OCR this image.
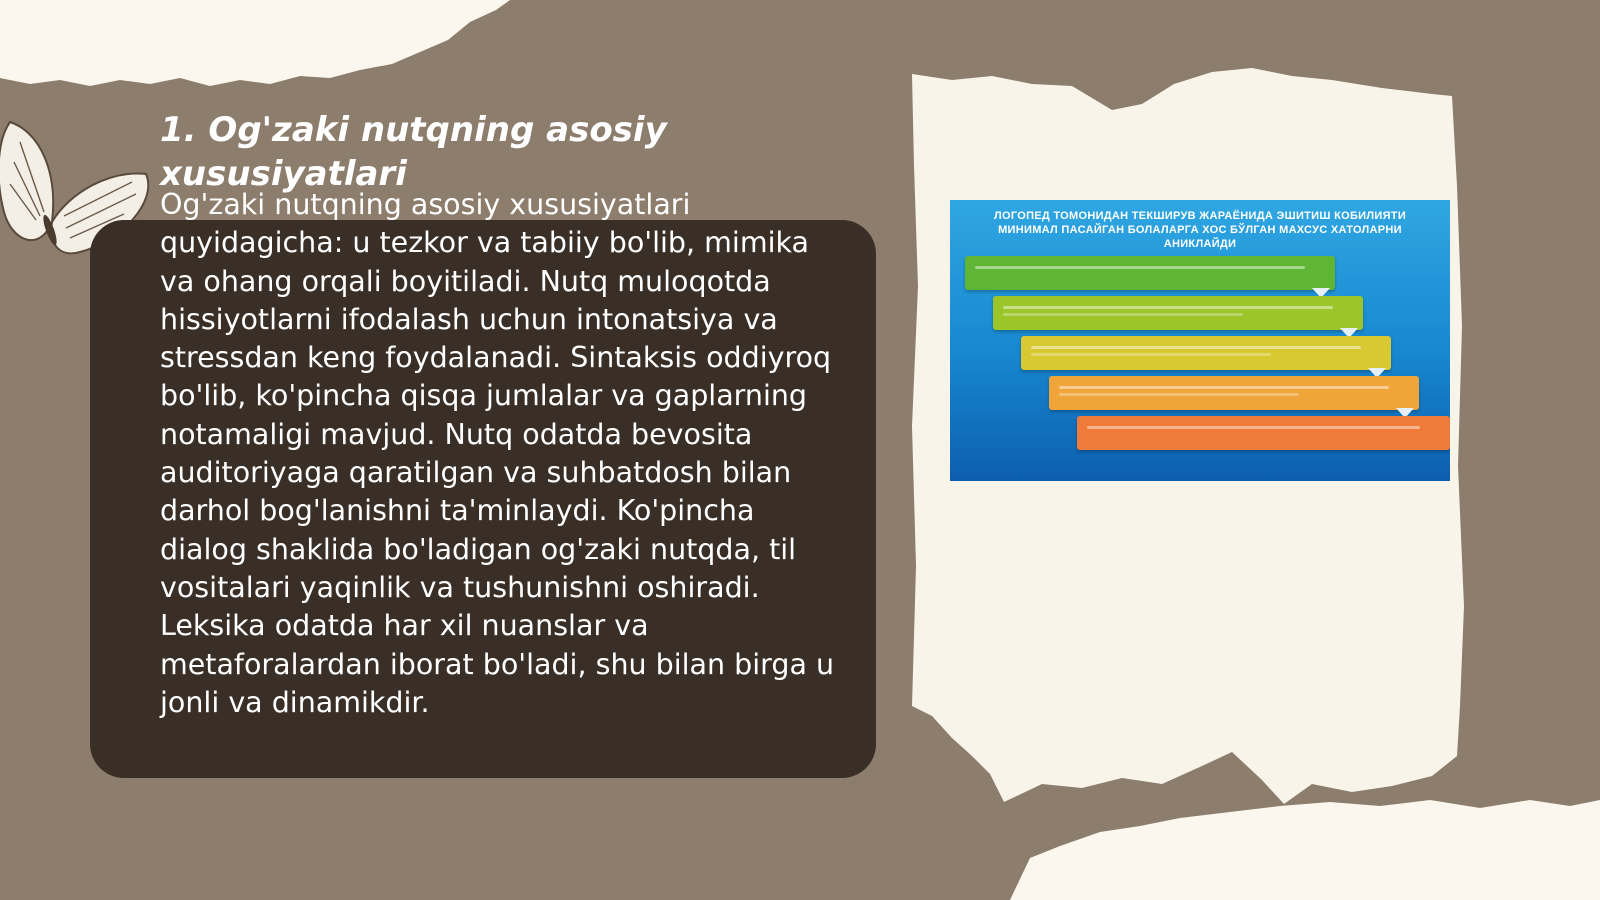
1. Og'zaki nutqning asosiy xususiyatlari

Og'zaki nutqning asosiy xususiyatlari quyidagicha: u tezkor va tabiiy bo'lib, mimika va ohang orqali boyitiladi. Nutq muloqotda hissiyotlarni ifodalash uchun intonatsiya va stressdan keng foydalanadi. Sintaksis oddiyroq bo'lib, ko'pincha qisqa jumlalar va gaplarning notamaligi mavjud. Nutq odatda bevosita auditoriyaga qaratilgan va suhbatdosh bilan darhol bog'lanishni ta'minlaydi. Ko'pincha dialog shaklida bo'ladigan og'zaki nutqda, til vositalari yaqinlik va tushunishni oshiradi. Leksika odatda har xil nuanslar va metaforalardan iborat bo'ladi, shu bilan birga u jonli va dinamikdir.

ЛОГОПЕД ТОМОНИДАН ТЕКШИРУВ ЖАРАЁНИДА ЭШИТИШ КОБИЛИЯТИ МИНИМАЛ ПАСАЙГАН БОЛАЛАРГА ХОС БЎЛГАН МАХСУС ХАТОЛАРНИ АНИКЛАЙДИ
